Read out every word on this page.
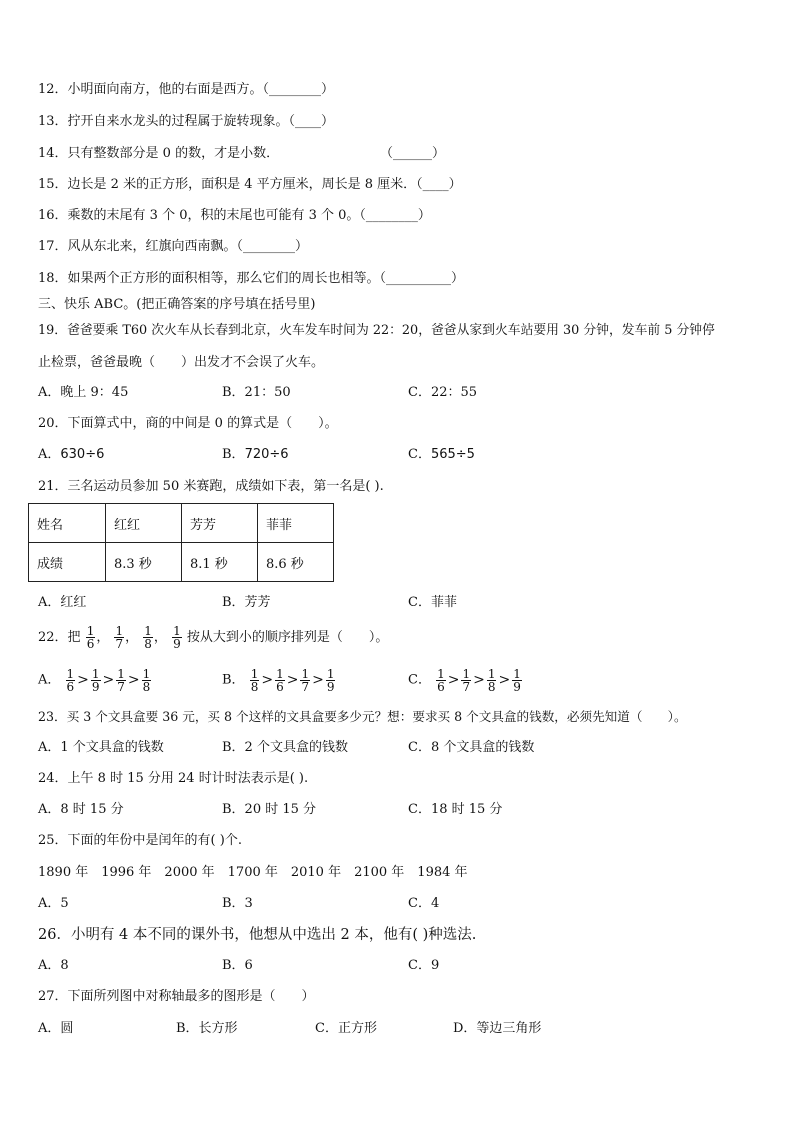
12．小明面向南方，他的右面是西方。（________）
13．拧开自来水龙头的过程属于旋转现象。（____）
14．只有整数部分是 0 的数，才是小数．	（______）
15．边长是 2 米的正方形，面积是 4 平方厘米，周长是 8 厘米．（____）
16．乘数的末尾有 3 个 0，积的末尾也可能有 3 个 0。（________）
17．风从东北来，红旗向西南飘。（________）
18．如果两个正方形的面积相等，那么它们的周长也相等。（__________）
三、快乐 ABC。(把正确答案的序号填在括号里)
19．爸爸要乘 T60 次火车从长春到北京，火车发车时间为 22：20，爸爸从家到火车站要用 30 分钟，发车前 5 分钟停
止检票，爸爸最晚（　　）出发才不会误了火车。
A．晚上 9：45	B．21：50	C．22：55
20．下面算式中，商的中间是 0 的算式是（　　）。
A．630÷6	B．720÷6	C．565÷5
21．三名运动员参加 50 米赛跑，成绩如下表，第一名是( ).
姓名	红红	芳芳	菲菲
成绩	8.3 秒	8.1 秒	8.6 秒
A．红红	B．芳芳	C．菲菲
22．把 $\frac{1}{6}$ ， $\frac{1}{7}$ ， $\frac{1}{8}$ ， $\frac{1}{9}$ 按从大到小的顺序排列是（　　）。
A． $\frac{1}{6} > \frac{1}{9} > \frac{1}{7} > \frac{1}{8}$	B． $\frac{1}{8} > \frac{1}{6} > \frac{1}{7} > \frac{1}{9}$	C． $\frac{1}{6} > \frac{1}{7} > \frac{1}{8} > \frac{1}{9}$
23．买 3 个文具盒要 36 元，买 8 个这样的文具盒要多少元？想：要求买 8 个文具盒的钱数，必须先知道（　　）。
A．1 个文具盒的钱数	B．2 个文具盒的钱数	C．8 个文具盒的钱数
24．上午 8 时 15 分用 24 时计时法表示是( ).
A．8 时 15 分	B．20 时 15 分	C．18 时 15 分
25．下面的年份中是闰年的有( )个.
1890 年　1996 年　2000 年　1700 年　2010 年　2100 年　1984 年
A．5	B．3	C．4
26．小明有 4 本不同的课外书，他想从中选出 2 本，他有( )种选法.
A．8	B．6	C．9
27．下面所列图中对称轴最多的图形是（　　）
A．圆	B．长方形	C．正方形	D．等边三角形
